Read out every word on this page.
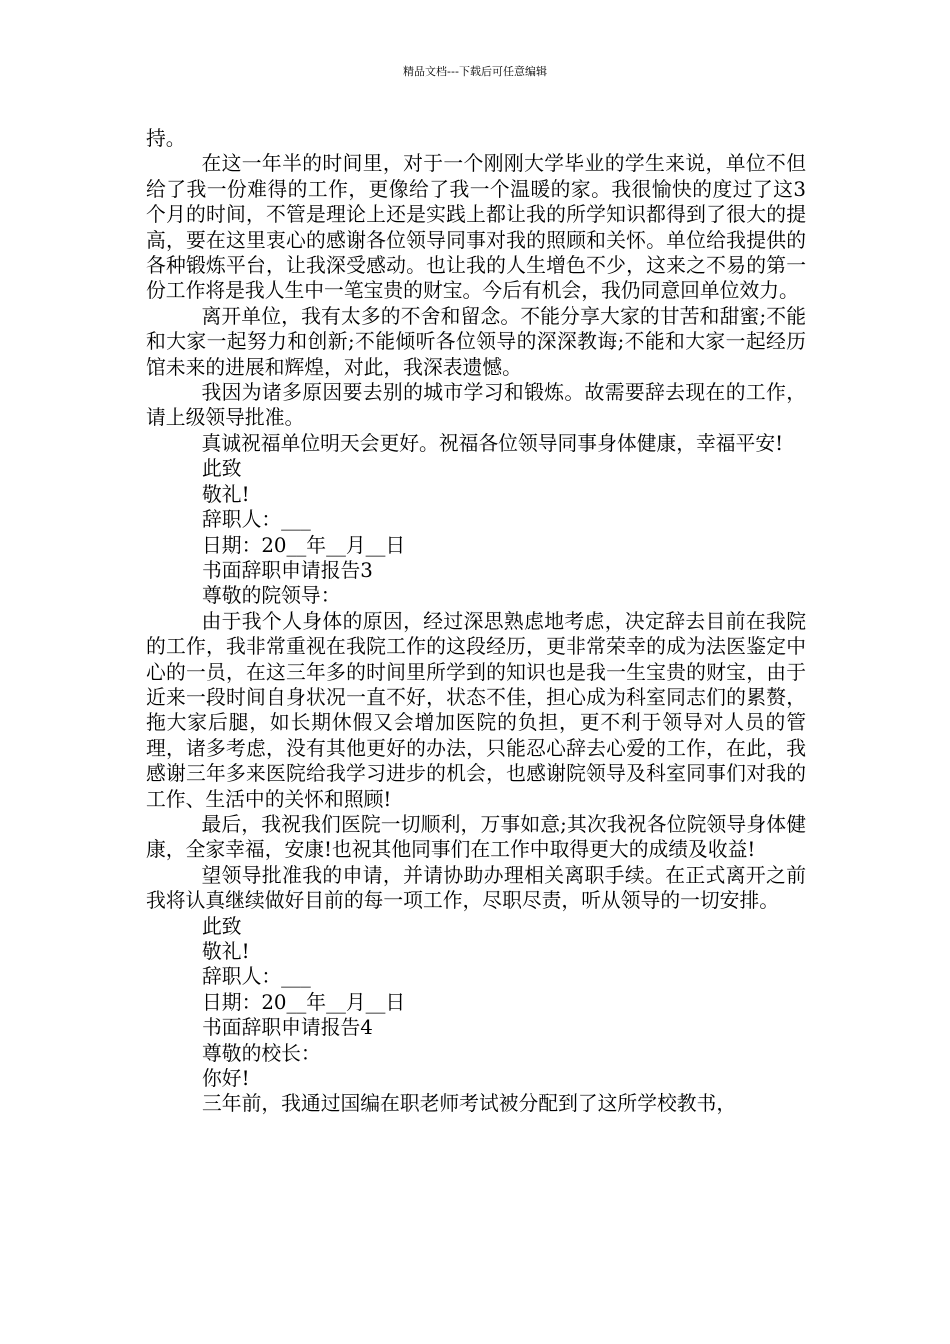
精品文档---下载后可任意编辑

持。

在这一年半的时间里，对于一个刚刚大学毕业的学生来说，单位不但给了我一份难得的工作，更像给了我一个温暖的家。我很愉快的度过了这3个月的时间，不管是理论上还是实践上都让我的所学知识都得到了很大的提高，要在这里衷心的感谢各位领导同事对我的照顾和关怀。单位给我提供的各种锻炼平台，让我深受感动。也让我的人生增色不少，这来之不易的第一份工作将是我人生中一笔宝贵的财宝。今后有机会，我仍同意回单位效力。

离开单位，我有太多的不舍和留念。不能分享大家的甘苦和甜蜜;不能和大家一起努力和创新;不能倾听各位领导的深深教诲;不能和大家一起经历馆未来的进展和辉煌，对此，我深表遗憾。

我因为诸多原因要去别的城市学习和锻炼。故需要辞去现在的工作，请上级领导批准。

真诚祝福单位明天会更好。祝福各位领导同事身体健康，幸福平安!

此致

敬礼!

辞职人：___

日期：20__年__月__日

书面辞职申请报告3

尊敬的院领导：

由于我个人身体的原因，经过深思熟虑地考虑，决定辞去目前在我院的工作，我非常重视在我院工作的这段经历，更非常荣幸的成为法医鉴定中心的一员，在这三年多的时间里所学到的知识也是我一生宝贵的财宝，由于近来一段时间自身状况一直不好，状态不佳，担心成为科室同志们的累赘，拖大家后腿，如长期休假又会增加医院的负担，更不利于领导对人员的管理，诸多考虑，没有其他更好的办法，只能忍心辞去心爱的工作，在此，我感谢三年多来医院给我学习进步的机会，也感谢院领导及科室同事们对我的工作、生活中的关怀和照顾!

最后，我祝我们医院一切顺利，万事如意;其次我祝各位院领导身体健康，全家幸福，安康!也祝其他同事们在工作中取得更大的成绩及收益!

望领导批准我的申请，并请协助办理相关离职手续。在正式离开之前我将认真继续做好目前的每一项工作，尽职尽责，听从领导的一切安排。

此致

敬礼!

辞职人：___

日期：20__年__月__日

书面辞职申请报告4

尊敬的校长：

你好!

三年前，我通过国编在职老师考试被分配到了这所学校教书，
